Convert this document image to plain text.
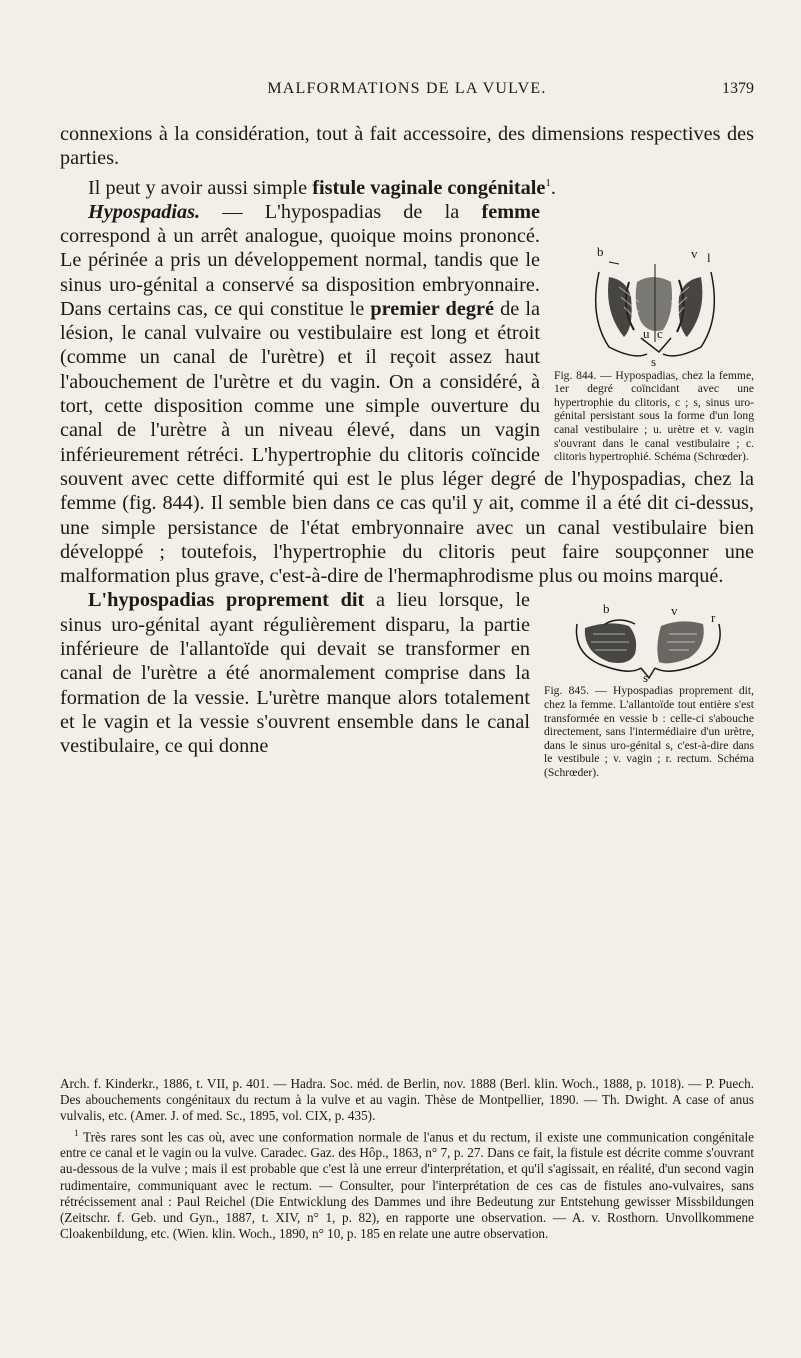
MALFORMATIONS DE LA VULVE.	1379

connexions à la considération, tout à fait accessoire, des dimensions respectives des parties.

Il peut y avoir aussi simple fistule vaginale congénitale$^1$.

b	v l
u c
s

Fig. 844. — Hypospadias, chez la femme, 1er degré coïncidant avec une hypertrophie du clitoris, c ; s, sinus uro-génital persistant sous la forme d'un long canal vestibulaire ; u. urètre et v. vagin s'ouvrant dans le canal vestibulaire ; c. clitoris hypertrophié. Schéma (Schrœder).

Hypospadias. — L'hypospadias de la femme correspond à un arrêt analogue, quoique moins prononcé. Le périnée a pris un développement normal, tandis que le sinus uro-génital a conservé sa disposition embryonnaire. Dans certains cas, ce qui constitue le premier degré de la lésion, le canal vulvaire ou vestibulaire est long et étroit (comme un canal de l'urètre) et il reçoit assez haut l'abouchement de l'urètre et du vagin. On a considéré, à tort, cette disposition comme une simple ouverture du canal de l'urètre à un niveau élevé, dans un vagin inférieurement rétréci. L'hypertrophie du clitoris coïncide souvent avec cette difformité qui est le plus léger degré de l'hypospadias, chez la femme (fig. 844). Il semble bien dans ce cas qu'il y ait, comme il a été dit ci-dessus, une simple persistance de l'état embryonnaire avec un canal vestibulaire bien développé ; toutefois, l'hypertrophie du clitoris peut faire soupçonner une malformation plus grave, c'est-à-dire de l'hermaphrodisme plus ou moins marqué.

b	v	r
s

Fig. 845. — Hypospadias proprement dit, chez la femme. L'allantoïde tout entière s'est transformée en vessie b : celle-ci s'abouche directement, sans l'intermédiaire d'un urètre, dans le sinus uro-génital s, c'est-à-dire dans le vestibule ; v. vagin ; r. rectum. Schéma (Schrœder).

L'hypospadias proprement dit a lieu lorsque, le sinus uro-génital ayant régulièrement disparu, la partie inférieure de l'allantoïde qui devait se transformer en canal de l'urètre a été anormalement comprise dans la formation de la vessie. L'urètre manque alors totalement et le vagin et la vessie s'ouvrent ensemble dans le canal vestibulaire, ce qui donne

Arch. f. Kinderkr., 1886, t. VII, p. 401. — Hadra. Soc. méd. de Berlin, nov. 1888 (Berl. klin. Woch., 1888, p. 1018). — P. Puech. Des abouchements congénitaux du rectum à la vulve et au vagin. Thèse de Montpellier, 1890. — Th. Dwight. A case of anus vulvalis, etc. (Amer. J. of med. Sc., 1895, vol. CIX, p. 435).

$^1$ Très rares sont les cas où, avec une conformation normale de l'anus et du rectum, il existe une communication congénitale entre ce canal et le vagin ou la vulve. Caradec. Gaz. des Hôp., 1863, n° 7, p. 27. Dans ce fait, la fistule est décrite comme s'ouvrant au-dessous de la vulve ; mais il est probable que c'est là une erreur d'interprétation, et qu'il s'agissait, en réalité, d'un second vagin rudimentaire, communiquant avec le rectum. — Consulter, pour l'interprétation de ces cas de fistules ano-vulvaires, sans rétrécissement anal : Paul Reichel (Die Entwicklung des Dammes und ihre Bedeutung zur Entstehung gewisser Missbildungen (Zeitschr. f. Geb. und Gyn., 1887, t. XIV, n° 1, p. 82), en rapporte une observation. — A. v. Rosthorn. Unvollkommene Cloakenbildung, etc. (Wien. klin. Woch., 1890, n° 10, p. 185 en relate une autre observation.
